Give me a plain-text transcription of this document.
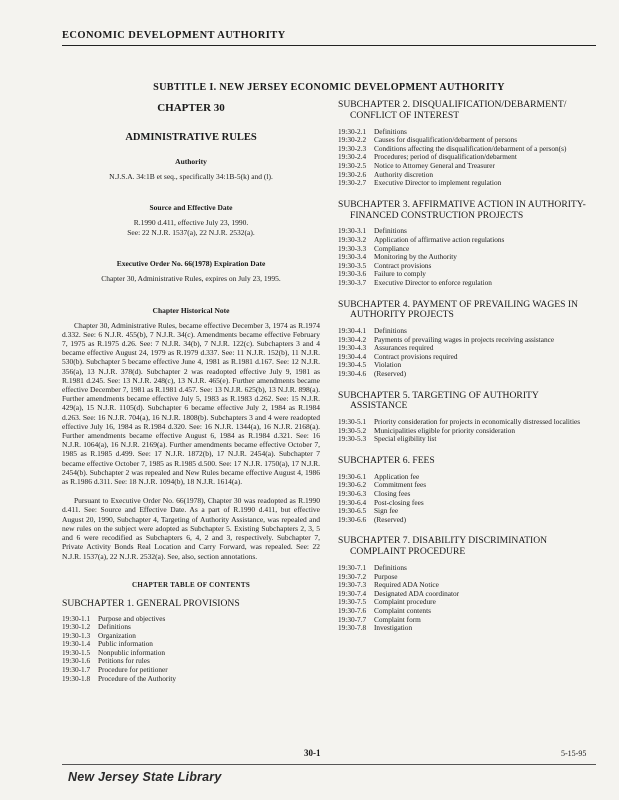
ECONOMIC DEVELOPMENT AUTHORITY
SUBTITLE I. NEW JERSEY ECONOMIC DEVELOPMENT AUTHORITY
CHAPTER 30
ADMINISTRATIVE RULES
Authority
N.J.S.A. 34:1B et seq., specifically 34:1B-5(k) and (l).
Source and Effective Date
R.1990 d.411, effective July 23, 1990.
See: 22 N.J.R. 1537(a), 22 N.J.R. 2532(a).
Executive Order No. 66(1978) Expiration Date
Chapter 30, Administrative Rules, expires on July 23, 1995.
Chapter Historical Note
Chapter 30, Administrative Rules, became effective December 3, 1974 as R.1974 d.332. See: 6 N.J.R. 455(b), 7 N.J.R. 34(c). Amendments became effective February 7, 1975 as R.1975 d.26. See: 7 N.J.R. 34(b), 7 N.J.R. 122(c). Subchapters 3 and 4 became effective August 24, 1979 as R.1979 d.337. See: 11 N.J.R. 152(b), 11 N.J.R. 530(b). Subchapter 5 became effective June 4, 1981 as R.1981 d.167. See: 12 N.J.R. 356(a), 13 N.J.R. 378(d). Subchapter 2 was readopted effective July 9, 1981 as R.1981 d.245. See: 13 N.J.R. 248(c), 13 N.J.R. 465(e). Further amendments became effective December 7, 1981 as R.1981 d.457. See: 13 N.J.R. 625(b), 13 N.J.R. 898(a). Further amendments became effective July 5, 1983 as R.1983 d.262. See: 15 N.J.R. 429(a), 15 N.J.R. 1105(d). Subchapter 6 became effective July 2, 1984 as R.1984 d.263. See: 16 N.J.R. 704(a), 16 N.J.R. 1808(b). Subchapters 3 and 4 were readopted effective July 16, 1984 as R.1984 d.320. See: 16 N.J.R. 1344(a), 16 N.J.R. 2168(a). Further amendments became effective August 6, 1984 as R.1984 d.321. See: 16 N.J.R. 1064(a), 16 N.J.R. 2169(a). Further amendments became effective October 7, 1985 as R.1985 d.499. See: 17 N.J.R. 1872(b), 17 N.J.R. 2454(a). Subchapter 7 became effective October 7, 1985 as R.1985 d.500. See: 17 N.J.R. 1750(a), 17 N.J.R. 2454(b). Subchapter 2 was repealed and New Rules became effective August 4, 1986 as R.1986 d.311. See: 18 N.J.R. 1094(b), 18 N.J.R. 1614(a).
Pursuant to Executive Order No. 66(1978), Chapter 30 was readopted as R.1990 d.411. See: Source and Effective Date. As a part of R.1990 d.411, but effective August 20, 1990, Subchapter 4, Targeting of Authority Assistance, was repealed and new rules on the subject were adopted as Subchapter 5. Existing Subchapters 2, 3, 5 and 6 were recodified as Subchapters 6, 4, 2 and 3, respectively. Subchapter 7, Private Activity Bonds Real Location and Carry Forward, was repealed. See: 22 N.J.R. 1537(a), 22 N.J.R. 2532(a). See, also, section annotations.
CHAPTER TABLE OF CONTENTS
SUBCHAPTER 1. GENERAL PROVISIONS
19:30-1.1	Purpose and objectives
19:30-1.2	Definitions
19:30-1.3	Organization
19:30-1.4	Public information
19:30-1.5	Nonpublic information
19:30-1.6	Petitions for rules
19:30-1.7	Procedure for petitioner
19:30-1.8	Procedure of the Authority
SUBCHAPTER 2. DISQUALIFICATION/DEBARMENT/ CONFLICT OF INTEREST
19:30-2.1	Definitions
19:30-2.2	Causes for disqualification/debarment of persons
19:30-2.3	Conditions affecting the disqualification/debarment of a person(s)
19:30-2.4	Procedures; period of disqualification/debarment
19:30-2.5	Notice to Attorney General and Treasurer
19:30-2.6	Authority discretion
19:30-2.7	Executive Director to implement regulation
SUBCHAPTER 3. AFFIRMATIVE ACTION IN AUTHORITY-FINANCED CONSTRUCTION PROJECTS
19:30-3.1	Definitions
19:30-3.2	Application of affirmative action regulations
19:30-3.3	Compliance
19:30-3.4	Monitoring by the Authority
19:30-3.5	Contract provisions
19:30-3.6	Failure to comply
19:30-3.7	Executive Director to enforce regulation
SUBCHAPTER 4. PAYMENT OF PREVAILING WAGES IN AUTHORITY PROJECTS
19:30-4.1	Definitions
19:30-4.2	Payments of prevailing wages in projects receiving assistance
19:30-4.3	Assurances required
19:30-4.4	Contract provisions required
19:30-4.5	Violation
19:30-4.6	(Reserved)
SUBCHAPTER 5. TARGETING OF AUTHORITY ASSISTANCE
19:30-5.1	Priority consideration for projects in economically distressed localities
19:30-5.2	Municipalities eligible for priority consideration
19:30-5.3	Special eligibility list
SUBCHAPTER 6. FEES
19:30-6.1	Application fee
19:30-6.2	Commitment fees
19:30-6.3	Closing fees
19:30-6.4	Post-closing fees
19:30-6.5	Sign fee
19:30-6.6	(Reserved)
SUBCHAPTER 7. DISABILITY DISCRIMINATION COMPLAINT PROCEDURE
19:30-7.1	Definitions
19:30-7.2	Purpose
19:30-7.3	Required ADA Notice
19:30-7.4	Designated ADA coordinator
19:30-7.5	Complaint procedure
19:30-7.6	Complaint contents
19:30-7.7	Complaint form
19:30-7.8	Investigation
30-1	5-15-95
New Jersey State Library
